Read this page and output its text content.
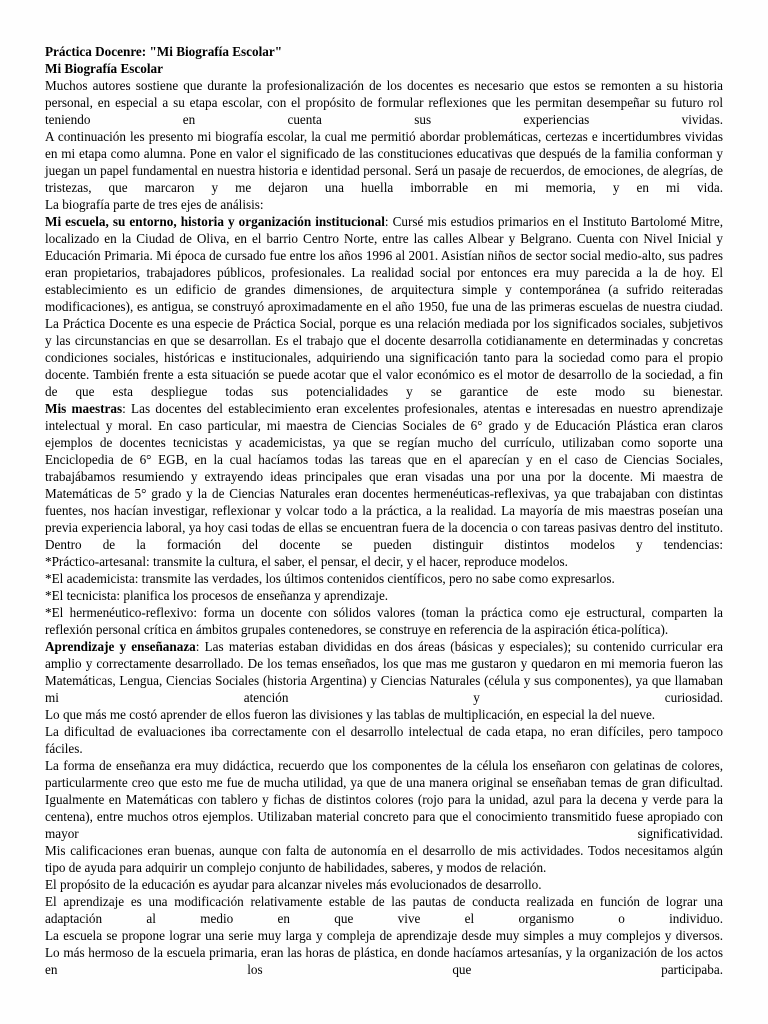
Práctica Docenre: "Mi Biografía Escolar"

Mi Biografía Escolar

Muchos autores sostiene que durante la profesionalización de los docentes es necesario que estos se remonten a su historia personal, en especial a su etapa escolar, con el propósito de formular reflexiones que les permitan desempeñar su futuro rol teniendo en cuenta sus experiencias vividas.

A continuación les presento mi biografía escolar, la cual me permitió abordar problemáticas, certezas e incertidumbres vividas en mi etapa como alumna. Pone en valor el significado de las constituciones educativas que después de la familia conforman y juegan un papel fundamental en nuestra historia e identidad personal. Será un pasaje de recuerdos, de emociones, de alegrías, de tristezas, que marcaron y me dejaron una huella imborrable en mi memoria, y en mi vida.

La biografía parte de tres ejes de análisis:

Mi escuela, su entorno, historia y organización institucional: Cursé mis estudios primarios en el Instituto Bartolomé Mitre, localizado en la Ciudad de Oliva, en el barrio Centro Norte, entre las calles Albear y Belgrano. Cuenta con Nivel Inicial y Educación Primaria. Mi época de cursado fue entre los años 1996 al 2001. Asistían niños de sector social medio-alto, sus padres eran propietarios, trabajadores públicos, profesionales. La realidad social por entonces era muy parecida a la de hoy. El establecimiento es un edificio de grandes dimensiones, de arquitectura simple y contemporánea (a sufrido reiteradas modificaciones), es antigua, se construyó aproximadamente en el año 1950, fue una de las primeras escuelas de nuestra ciudad. La Práctica Docente es una especie de Práctica Social, porque es una relación mediada por los significados sociales, subjetivos y las circunstancias en que se desarrollan. Es el trabajo que el docente desarrolla cotidianamente en determinadas y concretas condiciones sociales, históricas e institucionales, adquiriendo una significación tanto para la sociedad como para el propio docente. También frente a esta situación se puede acotar que el valor económico es el motor de desarrollo de la sociedad, a fin de que esta despliegue todas sus potencialidades y se garantice de este modo su bienestar.

Mis maestras: Las docentes del establecimiento eran excelentes profesionales, atentas e interesadas en nuestro aprendizaje intelectual y moral. En caso particular, mi maestra de Ciencias Sociales de 6° grado y de Educación Plástica eran claros ejemplos de docentes tecnicistas y academicistas, ya que se regían mucho del currículo, utilizaban como soporte una Enciclopedia de 6° EGB, en la cual hacíamos todas las tareas que en el aparecían y en el caso de Ciencias Sociales, trabajábamos resumiendo y extrayendo ideas principales que eran visadas una por una por la docente. Mi maestra de Matemáticas de 5° grado y la de Ciencias Naturales eran docentes hermenéuticas-reflexivas, ya que trabajaban con distintas fuentes, nos hacían investigar, reflexionar y volcar todo a la práctica, a la realidad. La mayoría de mis maestras poseían una previa experiencia laboral, ya hoy casi todas de ellas se encuentran fuera de la docencia o con tareas pasivas dentro del instituto. Dentro de la formación del docente se pueden distinguir distintos modelos y tendencias:

*Práctico-artesanal: transmite la cultura, el saber, el pensar, el decir, y el hacer, reproduce modelos.

*El academicista: transmite las verdades, los últimos contenidos científicos, pero no sabe como expresarlos.

*El tecnicista: planifica los procesos de enseñanza y aprendizaje.

*El hermenéutico-reflexivo: forma un docente con sólidos valores (toman la práctica como eje estructural, comparten la reflexión personal crítica en ámbitos grupales contenedores, se construye en referencia de la aspiración ética-política).

Aprendizaje y enseñanaza: Las materias estaban divididas en dos áreas (básicas y especiales); su contenido curricular era amplio y correctamente desarrollado. De los temas enseñados, los que mas me gustaron y quedaron en mi memoria fueron las Matemáticas, Lengua, Ciencias Sociales (historia Argentina) y Ciencias Naturales (célula y sus componentes), ya que llamaban mi atención y curiosidad.

Lo que más me costó aprender de ellos fueron las divisiones y las tablas de multiplicación, en especial la del nueve.

La dificultad de evaluaciones iba correctamente con el desarrollo intelectual de cada etapa, no eran difíciles, pero tampoco fáciles.

La forma de enseñanza era muy didáctica, recuerdo que los componentes de la célula los enseñaron con gelatinas de colores, particularmente creo que esto me fue de mucha utilidad, ya que de una manera original se enseñaban temas de gran dificultad. Igualmente en Matemáticas con tablero y fichas de distintos colores (rojo para la unidad, azul para la decena y verde para la centena), entre muchos otros ejemplos. Utilizaban material concreto para que el conocimiento transmitido fuese apropiado con mayor significatividad.

Mis calificaciones eran buenas, aunque con falta de autonomía en el desarrollo de mis actividades. Todos necesitamos algún tipo de ayuda para adquirir un complejo conjunto de habilidades, saberes, y modos de relación.

El propósito de la educación es ayudar para alcanzar niveles más evolucionados de desarrollo.

El aprendizaje es una modificación relativamente estable de las pautas de conducta realizada en función de lograr una adaptación al medio en que vive el organismo o individuo.

La escuela se propone lograr una serie muy larga y compleja de aprendizaje desde muy simples a muy complejos y diversos.

Lo más hermoso de la escuela primaria, eran las horas de plástica, en donde hacíamos artesanías, y la organización de los actos en los que participaba.
